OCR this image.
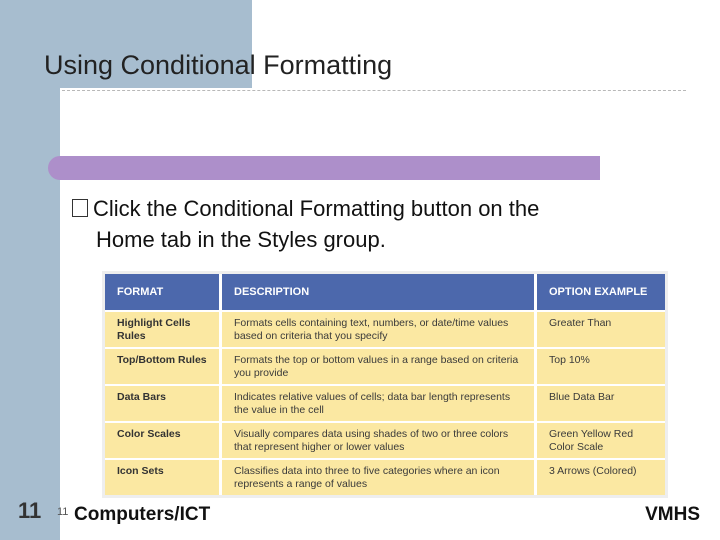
Using Conditional Formatting
Click the Conditional Formatting button on the
Home tab in the Styles group.
FORMAT	DESCRIPTION	OPTION EXAMPLE
Highlight Cells Rules	Formats cells containing text, numbers, or date/time values based on criteria that you specify	Greater Than
Top/Bottom Rules	Formats the top or bottom values in a range based on criteria you provide	Top 10%
Data Bars	Indicates relative values of cells; data bar length represents the value in the cell	Blue Data Bar
Color Scales	Visually compares data using shades of two or three colors that represent higher or lower values	Green Yellow Red Color Scale
Icon Sets	Classifies data into three to five categories where an icon represents a range of values	3 Arrows (Colored)
11 11 Computers/ICT	VMHS
